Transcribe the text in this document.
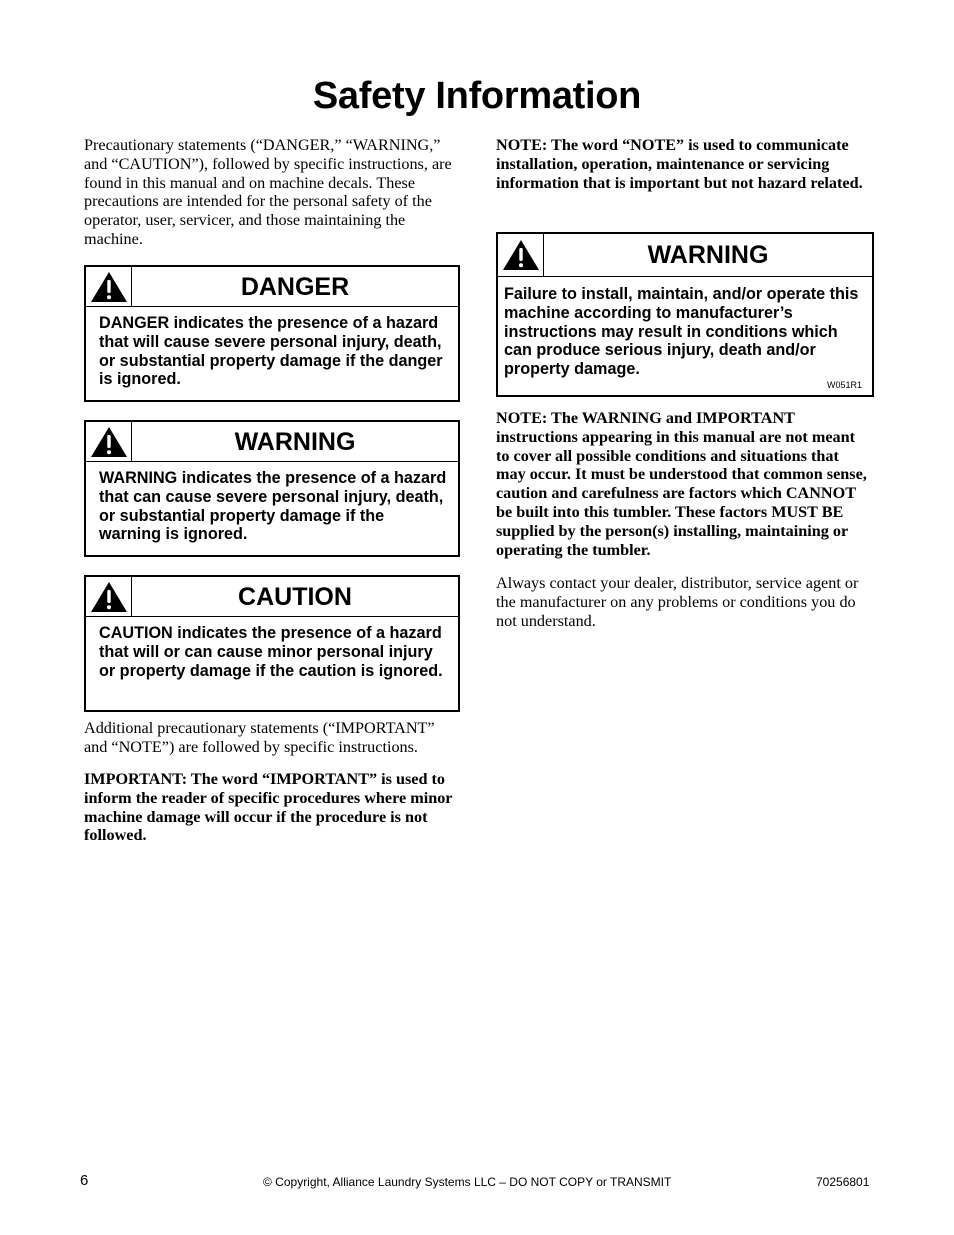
Safety Information

Precautionary statements (“DANGER,” “WARNING,” and “CAUTION”), followed by specific instructions, are found in this manual and on machine decals. These precautions are intended for the personal safety of the operator, user, servicer, and those maintaining the machine.

DANGER
DANGER indicates the presence of a hazard that will cause severe personal injury, death, or substantial property damage if the danger is ignored.
WARNING
WARNING indicates the presence of a hazard that can cause severe personal injury, death, or substantial property damage if the warning is ignored.
CAUTION
CAUTION indicates the presence of a hazard that will or can cause minor personal injury or property damage if the caution is ignored.

Additional precautionary statements (“IMPORTANT” and “NOTE”) are followed by specific instructions.

IMPORTANT: The word “IMPORTANT” is used to inform the reader of specific procedures where minor machine damage will occur if the procedure is not followed.

NOTE: The word “NOTE” is used to communicate installation, operation, maintenance or servicing information that is important but not hazard related.

WARNING
Failure to install, maintain, and/or operate this machine according to manufacturer’s instructions may result in conditions which can produce serious injury, death and/or property damage.
W051R1

NOTE: The WARNING and IMPORTANT instructions appearing in this manual are not meant to cover all possible conditions and situations that may occur. It must be understood that common sense, caution and carefulness are factors which CANNOT be built into this tumbler. These factors MUST BE supplied by the person(s) installing, maintaining or operating the tumbler.

Always contact your dealer, distributor, service agent or the manufacturer on any problems or conditions you do not understand.

6	© Copyright, Alliance Laundry Systems LLC – DO NOT COPY or TRANSMIT	70256801
